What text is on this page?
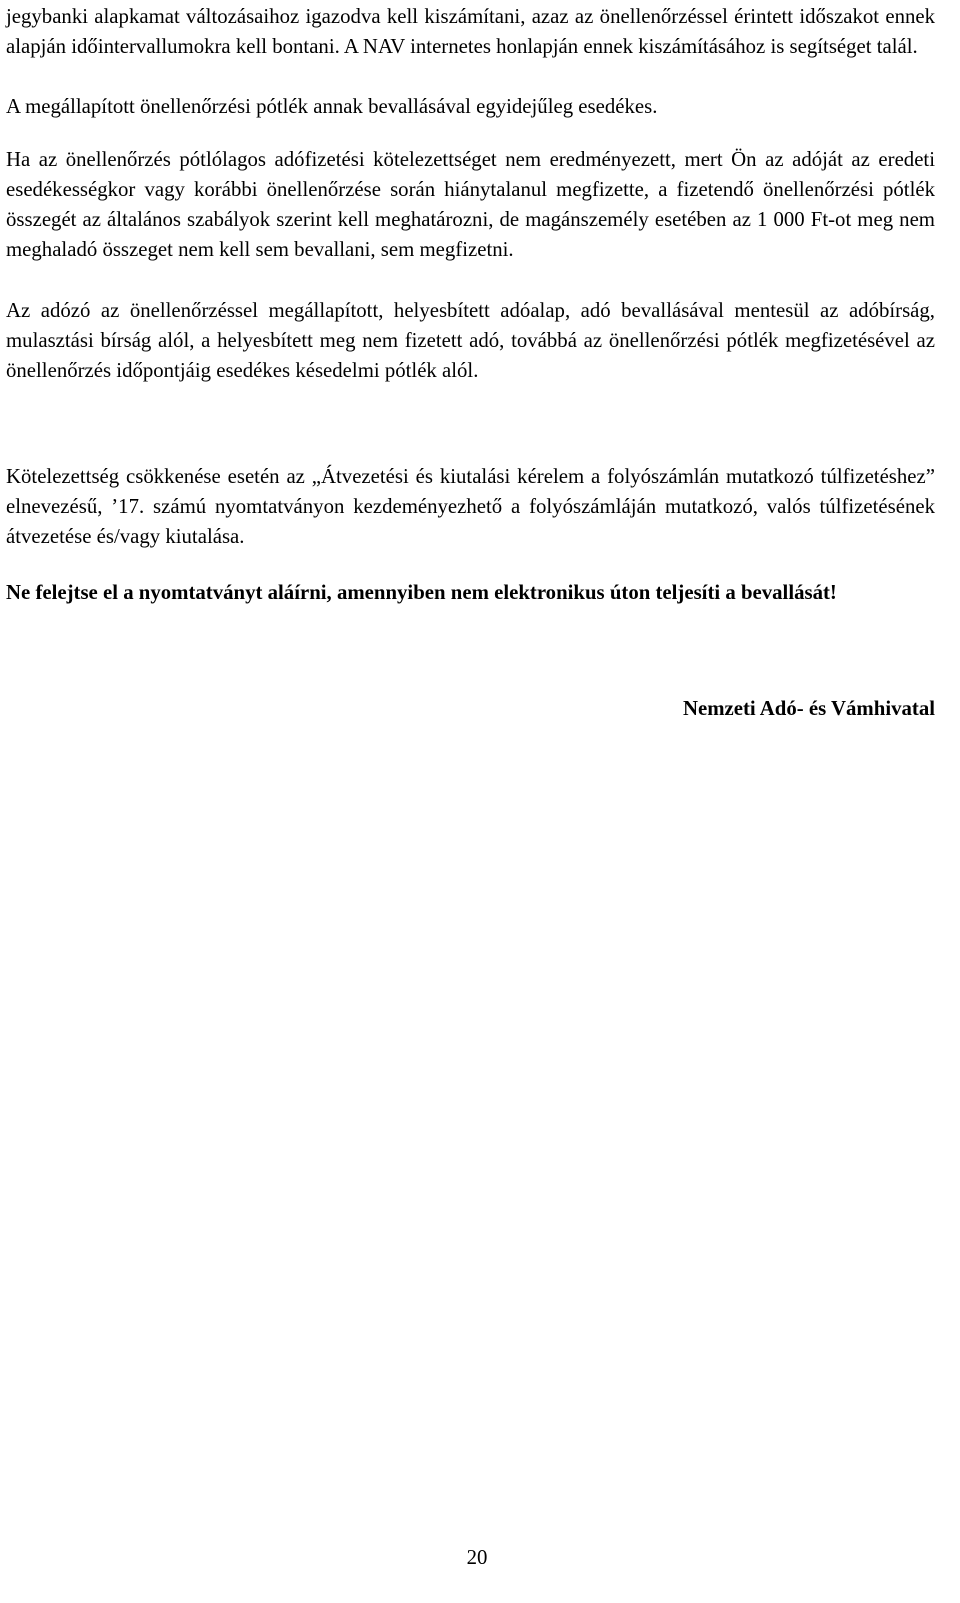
jegybanki alapkamat változásaihoz igazodva kell kiszámítani, azaz az önellenőrzéssel érintett időszakot ennek alapján időintervallumokra kell bontani. A NAV internetes honlapján ennek kiszámításához is segítséget talál.

A megállapított önellenőrzési pótlék annak bevallásával egyidejűleg esedékes.

Ha az önellenőrzés pótlólagos adófizetési kötelezettséget nem eredményezett, mert Ön az adóját az eredeti esedékességkor vagy korábbi önellenőrzése során hiánytalanul megfizette, a fizetendő önellenőrzési pótlék összegét az általános szabályok szerint kell meghatározni, de magánszemély esetében az 1 000 Ft-ot meg nem meghaladó összeget nem kell sem bevallani, sem megfizetni.

Az adózó az önellenőrzéssel megállapított, helyesbített adóalap, adó bevallásával mentesül az adóbírság, mulasztási bírság alól, a helyesbített meg nem fizetett adó, továbbá az önellenőrzési pótlék megfizetésével az önellenőrzés időpontjáig esedékes késedelmi pótlék alól.

Kötelezettség csökkenése esetén az „Átvezetési és kiutalási kérelem a folyószámlán mutatkozó túlfizetéshez” elnevezésű, ’17. számú nyomtatványon kezdeményezhető a folyószámláján mutatkozó, valós túlfizetésének átvezetése és/vagy kiutalása.

Ne felejtse el a nyomtatványt aláírni, amennyiben nem elektronikus úton teljesíti a bevallását!

Nemzeti Adó- és Vámhivatal

20
